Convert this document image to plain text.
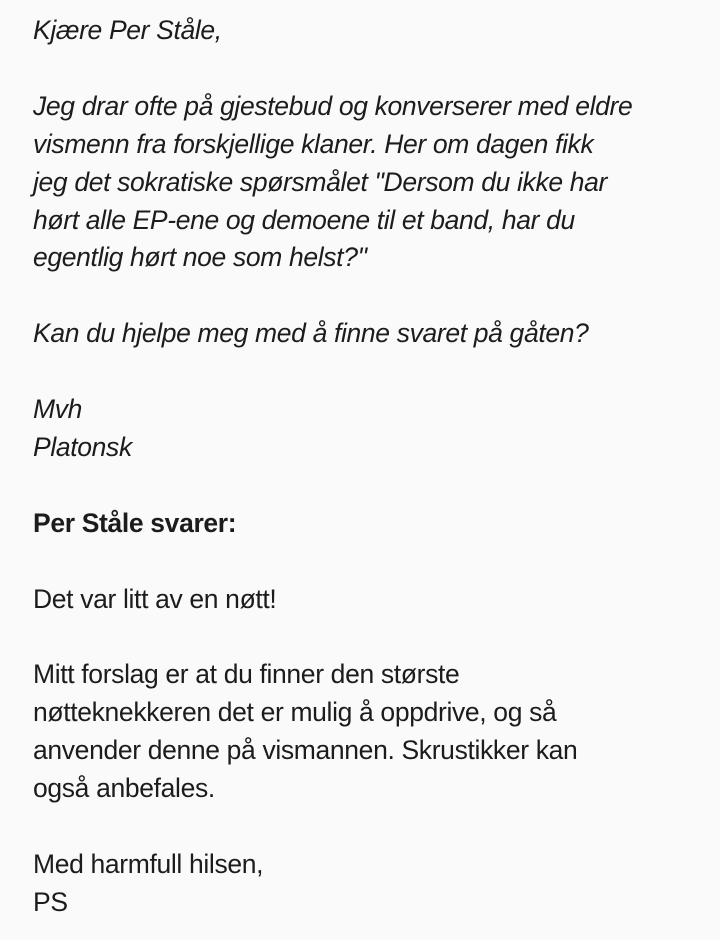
Kjære Per Ståle,

Jeg drar ofte på gjestebud og konverserer med eldre
vismenn fra forskjellige klaner. Her om dagen fikk
jeg det sokratiske spørsmålet "Dersom du ikke har
hørt alle EP-ene og demoene til et band, har du
egentlig hørt noe som helst?"

Kan du hjelpe meg med å finne svaret på gåten?

Mvh
Platonsk

Per Ståle svarer:

Det var litt av en nøtt!

Mitt forslag er at du finner den største
nøtteknekkeren det er mulig å oppdrive, og så
anvender denne på vismannen. Skrustikker kan
også anbefales.

Med harmfull hilsen,
PS
